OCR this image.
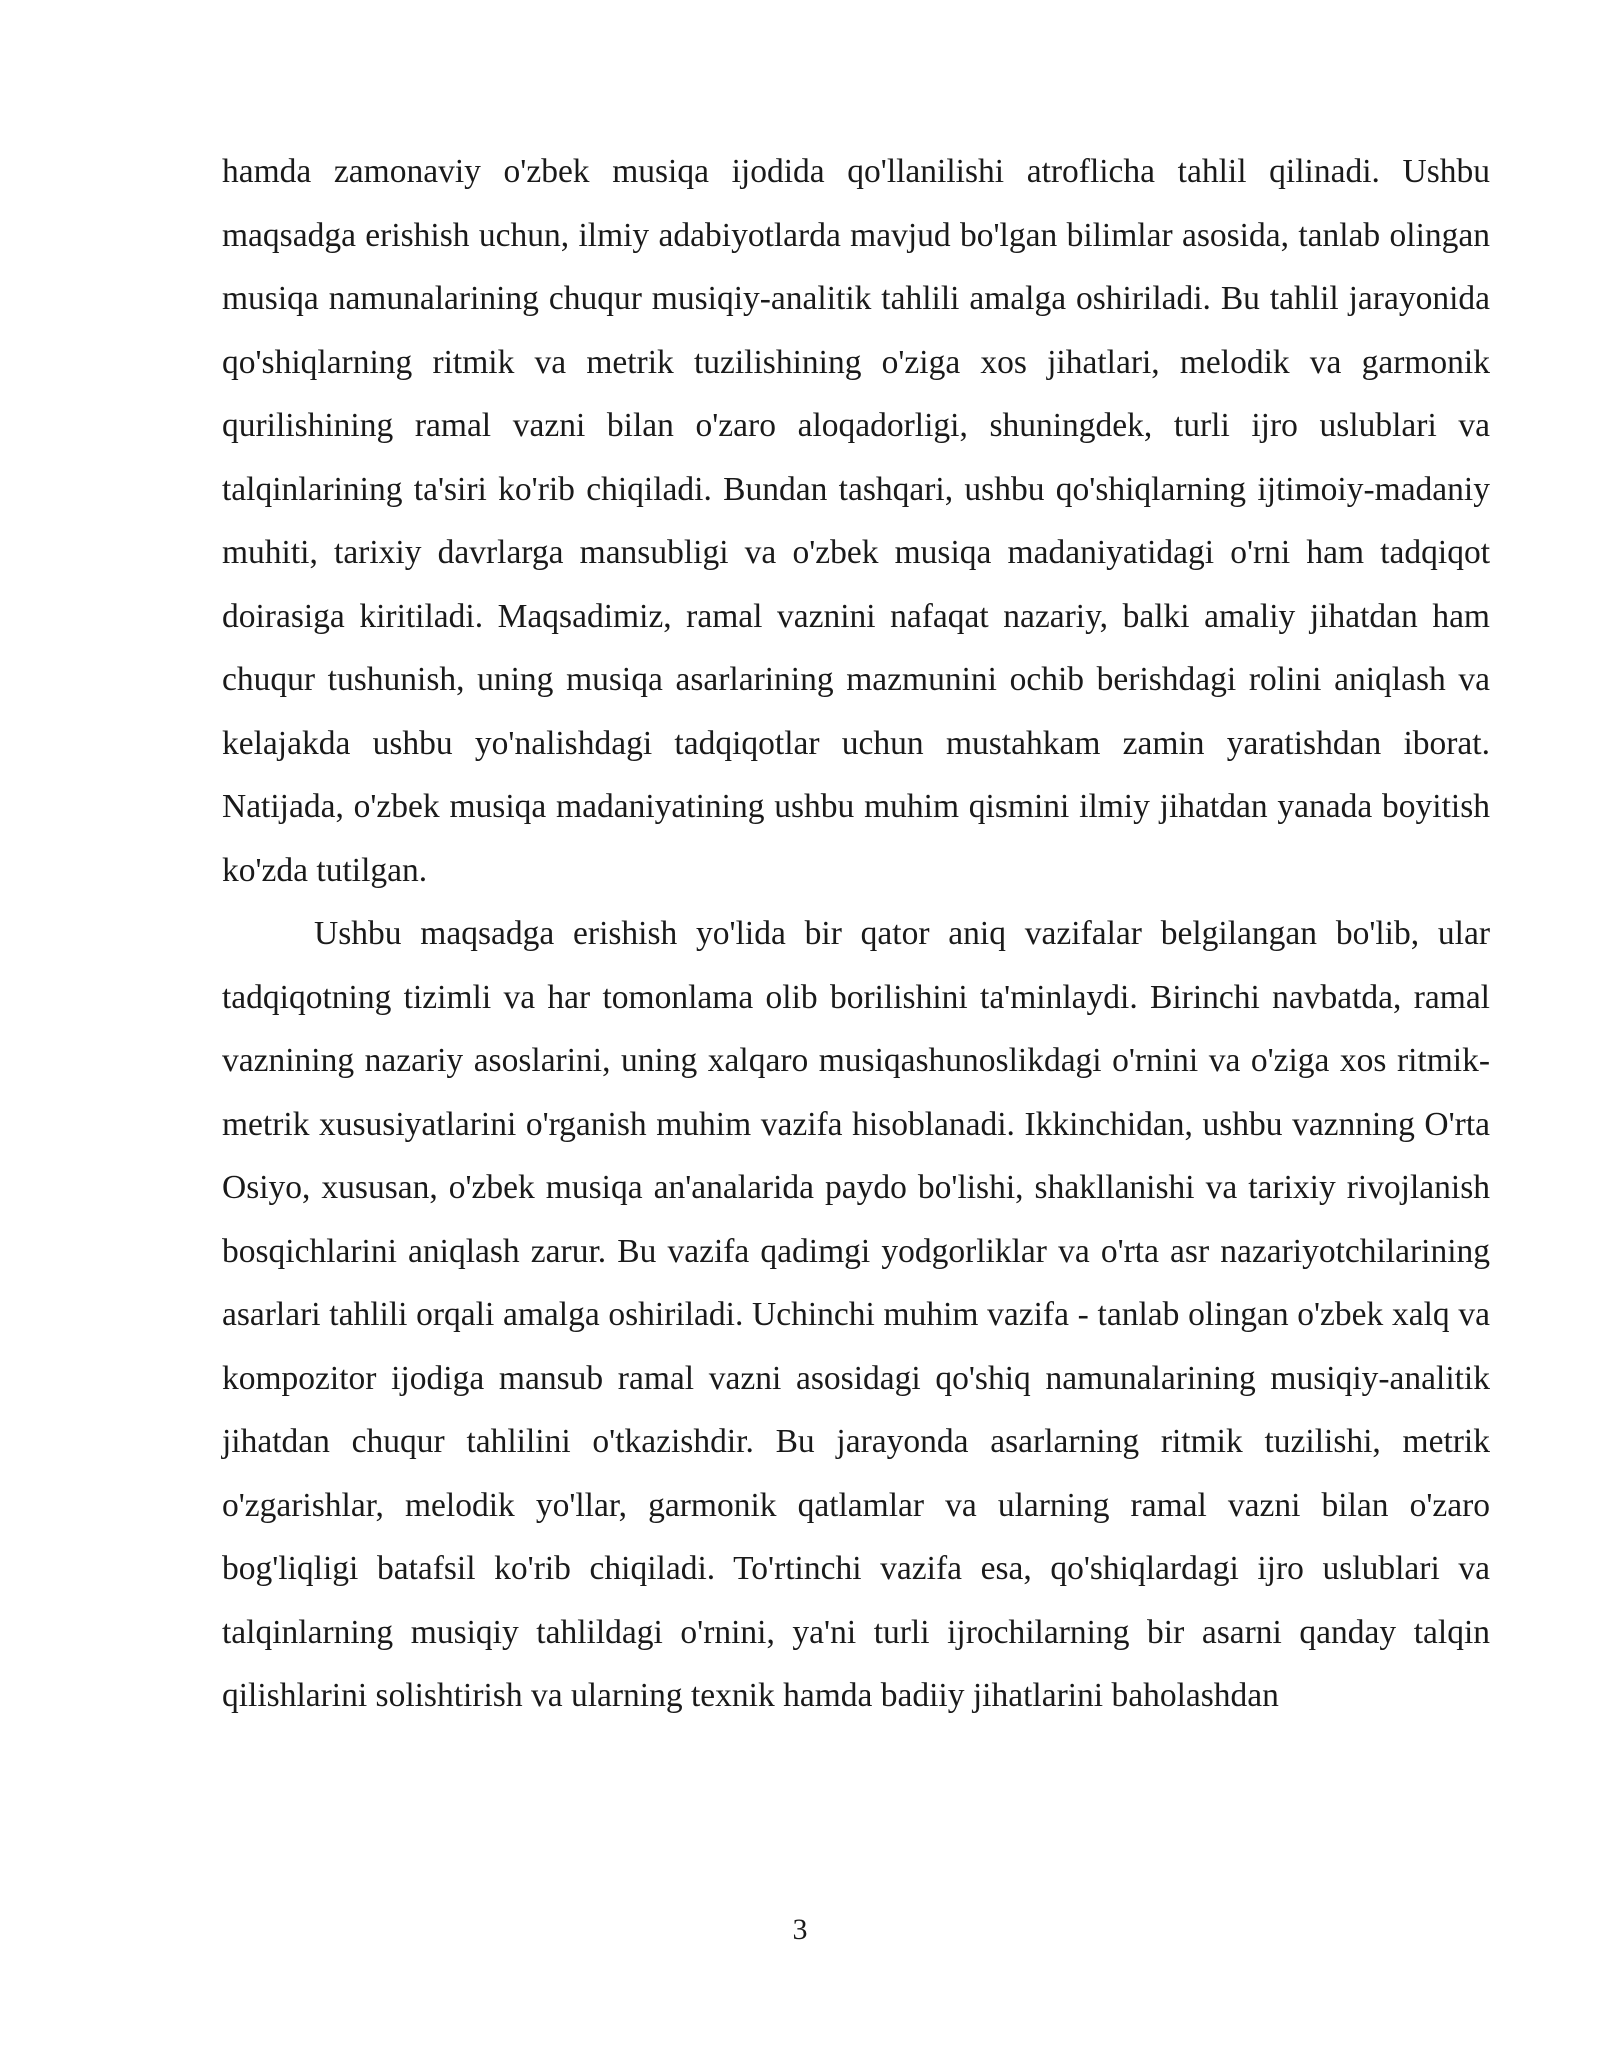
hamda zamonaviy o'zbek musiqa ijodida qo'llanilishi atroflicha tahlil qilinadi. Ushbu maqsadga erishish uchun, ilmiy adabiyotlarda mavjud bo'lgan bilimlar asosida, tanlab olingan musiqa namunalarining chuqur musiqiy-analitik tahlili amalga oshiriladi. Bu tahlil jarayonida qo'shiqlarning ritmik va metrik tuzilishining o'ziga xos jihatlari, melodik va garmonik qurilishining ramal vazni bilan o'zaro aloqadorligi, shuningdek, turli ijro uslublari va talqinlarining ta'siri ko'rib chiqiladi. Bundan tashqari, ushbu qo'shiqlarning ijtimoiy-madaniy muhiti, tarixiy davrlarga mansubligi va o'zbek musiqa madaniyatidagi o'rni ham tadqiqot doirasiga kiritiladi. Maqsadimiz, ramal vaznini nafaqat nazariy, balki amaliy jihatdan ham chuqur tushunish, uning musiqa asarlarining mazmunini ochib berishdagi rolini aniqlash va kelajakda ushbu yo'nalishdagi tadqiqotlar uchun mustahkam zamin yaratishdan iborat. Natijada, o'zbek musiqa madaniyatining ushbu muhim qismini ilmiy jihatdan yanada boyitish ko'zda tutilgan.

Ushbu maqsadga erishish yo'lida bir qator aniq vazifalar belgilangan bo'lib, ular tadqiqotning tizimli va har tomonlama olib borilishini ta'minlaydi. Birinchi navbatda, ramal vaznining nazariy asoslarini, uning xalqaro musiqashunoslikdagi o'rnini va o'ziga xos ritmik-metrik xususiyatlarini o'rganish muhim vazifa hisoblanadi. Ikkinchidan, ushbu vaznning O'rta Osiyo, xususan, o'zbek musiqa an'analarida paydo bo'lishi, shakllanishi va tarixiy rivojlanish bosqichlarini aniqlash zarur. Bu vazifa qadimgi yodgorliklar va o'rta asr nazariyotchilarining asarlari tahlili orqali amalga oshiriladi. Uchinchi muhim vazifa - tanlab olingan o'zbek xalq va kompozitor ijodiga mansub ramal vazni asosidagi qo'shiq namunalarining musiqiy-analitik jihatdan chuqur tahlilini o'tkazishdir. Bu jarayonda asarlarning ritmik tuzilishi, metrik o'zgarishlar, melodik yo'llar, garmonik qatlamlar va ularning ramal vazni bilan o'zaro bog'liqligi batafsil ko'rib chiqiladi. To'rtinchi vazifa esa, qo'shiqlardagi ijro uslublari va talqinlarning musiqiy tahlildagi o'rnini, ya'ni turli ijrochilarning bir asarni qanday talqin qilishlarini solishtirish va ularning texnik hamda badiiy jihatlarini baholashdan

3
